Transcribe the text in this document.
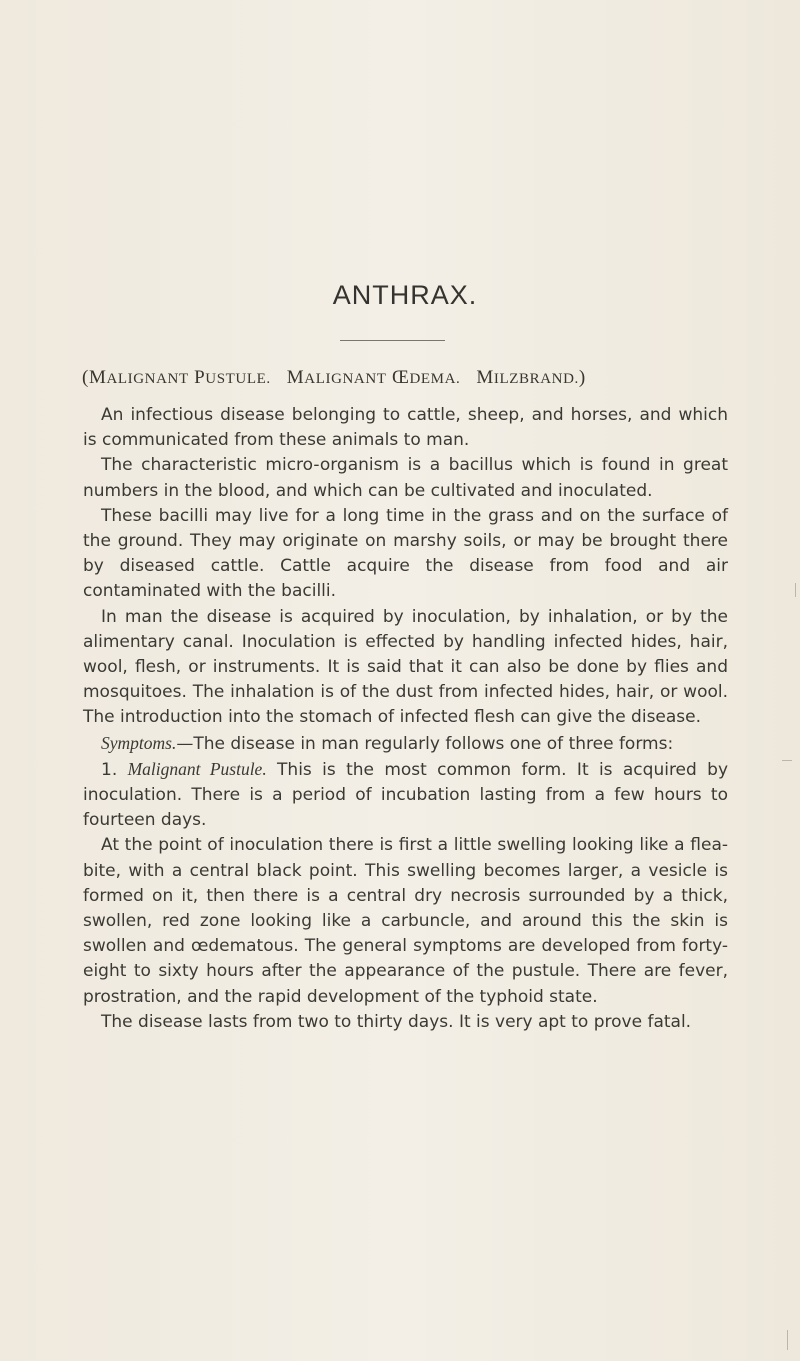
ANTHRAX.
(MALIGNANT PUSTULE. MALIGNANT ŒDEMA. MILZBRAND.)

An infectious disease belonging to cattle, sheep, and horses, and which is communicated from these animals to man.

The characteristic micro-organism is a bacillus which is found in great numbers in the blood, and which can be cultivated and inoculated.

These bacilli may live for a long time in the grass and on the surface of the ground. They may originate on marshy soils, or may be brought there by diseased cattle. Cattle acquire the disease from food and air contaminated with the bacilli.

In man the disease is acquired by inoculation, by inhalation, or by the alimentary canal. Inoculation is effected by handling infected hides, hair, wool, flesh, or instruments. It is said that it can also be done by flies and mosquitoes. The inhalation is of the dust from infected hides, hair, or wool. The introduction into the stomach of infected flesh can give the disease.

Symptoms.—The disease in man regularly follows one of three forms:

1. Malignant Pustule. This is the most common form. It is acquired by inoculation. There is a period of incubation lasting from a few hours to fourteen days.

At the point of inoculation there is first a little swelling looking like a flea-bite, with a central black point. This swelling becomes larger, a vesicle is formed on it, then there is a central dry necrosis surrounded by a thick, swollen, red zone looking like a carbuncle, and around this the skin is swollen and œdematous. The general symptoms are developed from forty-eight to sixty hours after the appearance of the pustule. There are fever, prostration, and the rapid development of the typhoid state.

The disease lasts from two to thirty days. It is very apt to prove fatal.
